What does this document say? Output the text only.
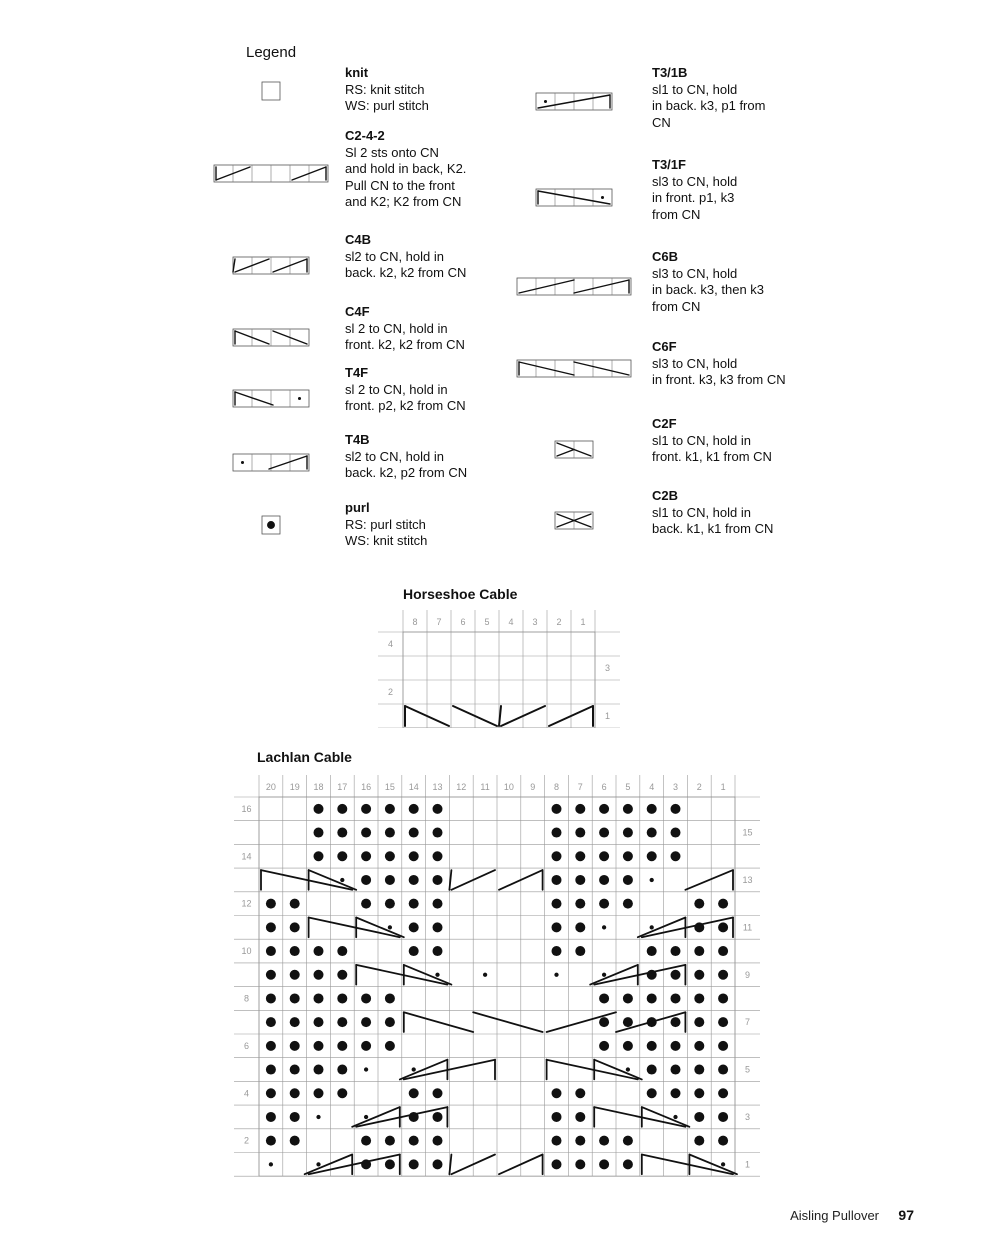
Legend
knit
RS: knit stitch
WS: purl stitch
C2-4-2
Sl 2 sts onto CN
and hold in back, K2.
Pull CN to the front
and K2; K2 from CN
C4B
sl2 to CN, hold in
back. k2, k2 from CN
C4F
sl 2 to CN, hold in
front. k2, k2 from CN
T4F
sl 2 to CN, hold in
front. p2, k2 from CN
T4B
sl2 to CN, hold in
back. k2, p2 from CN
purl
RS: purl stitch
WS: knit stitch
T3/1B
sl1 to CN, hold
in back. k3, p1 from
CN
T3/1F
sl3 to CN, hold
in front. p1, k3
from CN
C6B
sl3 to CN, hold
in back. k3, then k3
from CN
C6F
sl3 to CN, hold
in front. k3, k3 from CN
C2F
sl1 to CN, hold in
front. k1, k1 from CN
C2B
sl1 to CN, hold in
back. k1, k1 from CN
Horseshoe Cable
8 7 6 5 4 3 2 1
4
2
3
1
Lachlan Cable
20 19 18 17 16 15 14 13 12 11 10 9 8 7 6 5 4 3 2 1
16
14
12
10
8
6
4
2
15
13
11
9
7
5
3
1
Aisling Pullover 97
